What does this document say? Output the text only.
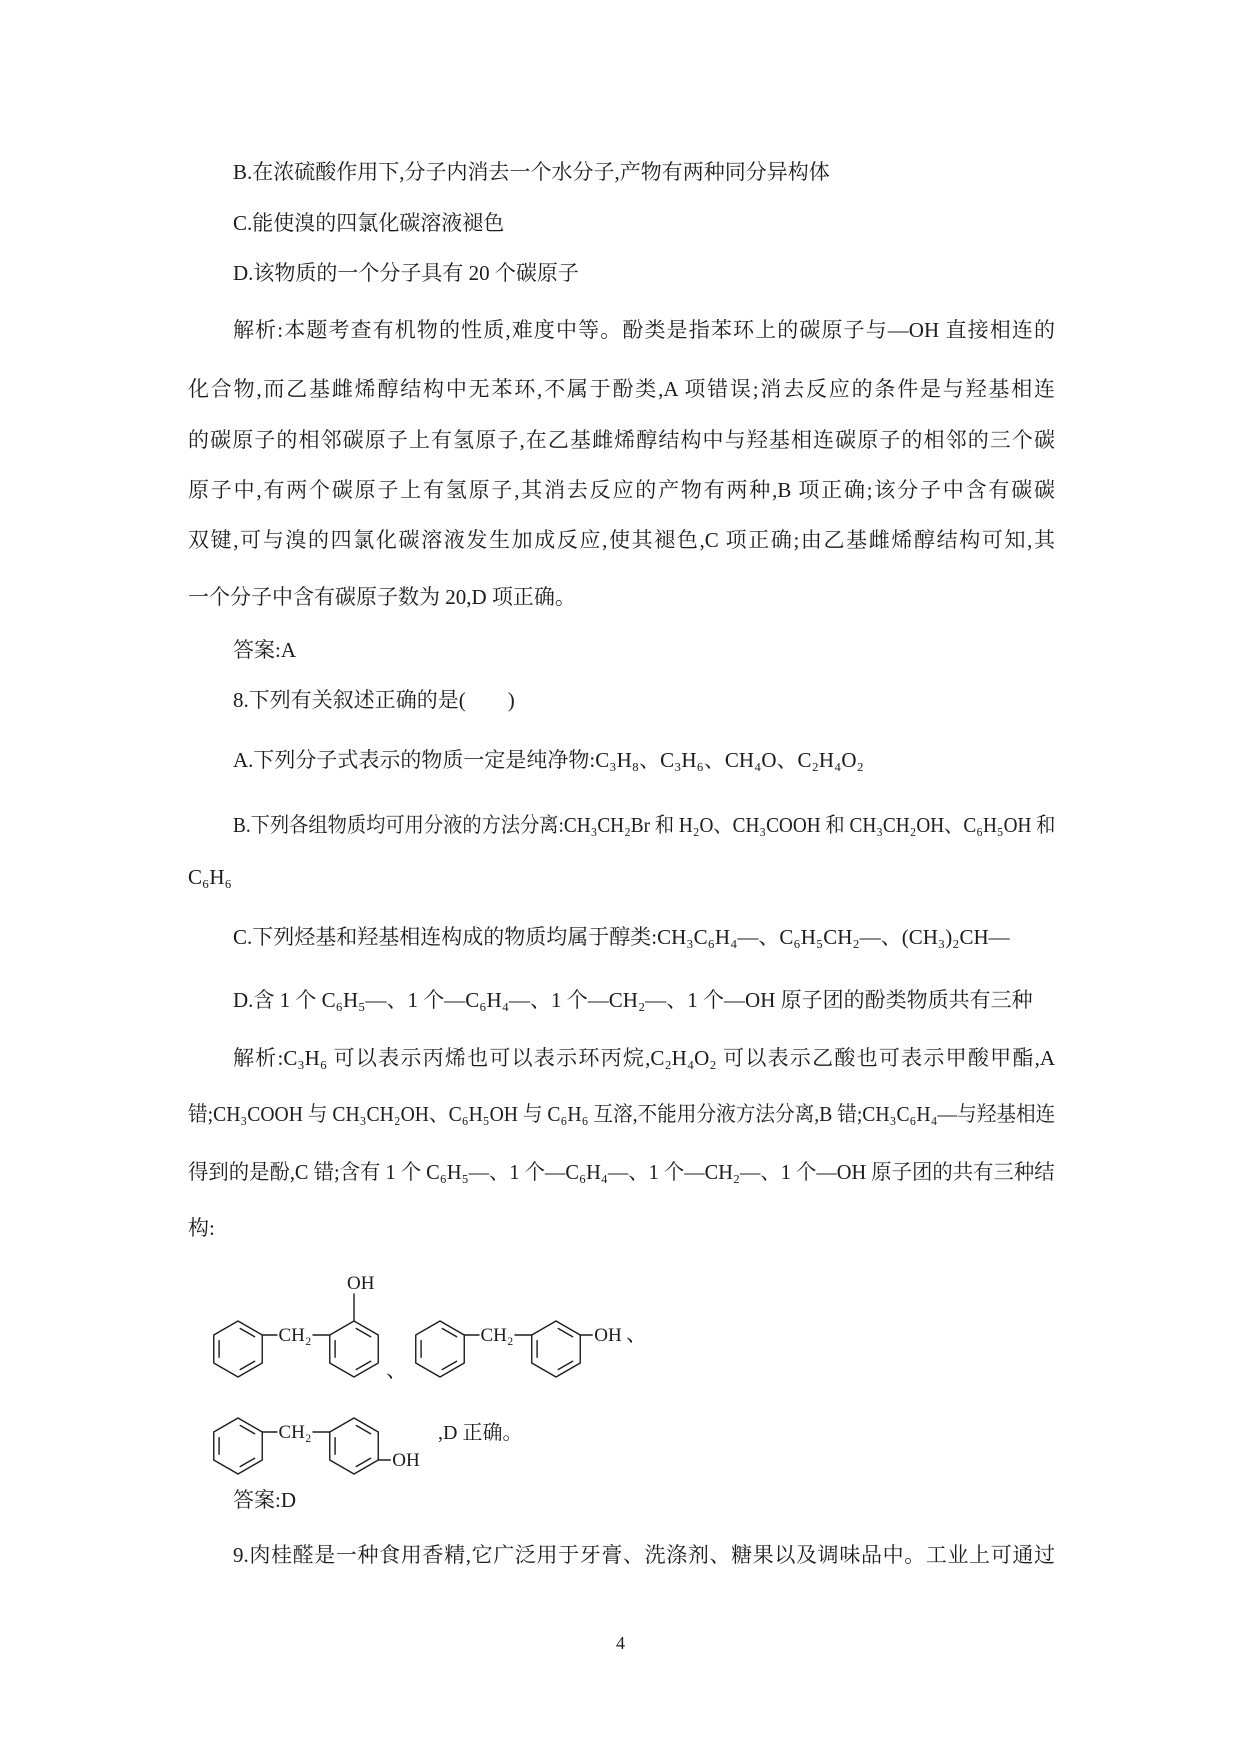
B.在浓硫酸作用下,分子内消去一个水分子,产物有两种同分异构体
C.能使溴的四氯化碳溶液褪色
D.该物质的一个分子具有 20 个碳原子
解析:本题考查有机物的性质,难度中等。酚类是指苯环上的碳原子与—OH 直接相连的
化合物,而乙基雌烯醇结构中无苯环,不属于酚类,A 项错误;消去反应的条件是与羟基相连
的碳原子的相邻碳原子上有氢原子,在乙基雌烯醇结构中与羟基相连碳原子的相邻的三个碳
原子中,有两个碳原子上有氢原子,其消去反应的产物有两种,B 项正确;该分子中含有碳碳
双键,可与溴的四氯化碳溶液发生加成反应,使其褪色,C 项正确;由乙基雌烯醇结构可知,其
一个分子中含有碳原子数为 20,D 项正确。
答案:A
8.下列有关叙述正确的是(　　)
A.下列分子式表示的物质一定是纯净物:C₃H₈、C₃H₆、CH₄O、C₂H₄O₂
B.下列各组物质均可用分液的方法分离:CH₃CH₂Br 和 H₂O、CH₃COOH 和 CH₃CH₂OH、C₆H₅OH 和
C₆H₆
C.下列烃基和羟基相连构成的物质均属于醇类:CH₃C₆H₄—、C₆H₅CH₂—、(CH₃)₂CH—
D.含 1 个 C₆H₅—、1 个—C₆H₄—、1 个—CH₂—、1 个—OH 原子团的酚类物质共有三种
解析:C₃H₆ 可以表示丙烯也可以表示环丙烷,C₂H₄O₂ 可以表示乙酸也可表示甲酸甲酯,A
错;CH₃COOH 与 CH₃CH₂OH、C₆H₅OH 与 C₆H₆ 互溶,不能用分液方法分离,B 错;CH₃C₆H₄—与羟基相连
得到的是酚,C 错;含有 1 个 C₆H₅—、1 个—C₆H₄—、1 个—CH₂—、1 个—OH 原子团的共有三种结
构:
CH₂
OH
、
CH₂	OH 、
CH₂
OH
,D 正确。
答案:D
9.肉桂醛是一种食用香精,它广泛用于牙膏、洗涤剂、糖果以及调味品中。工业上可通过
4
